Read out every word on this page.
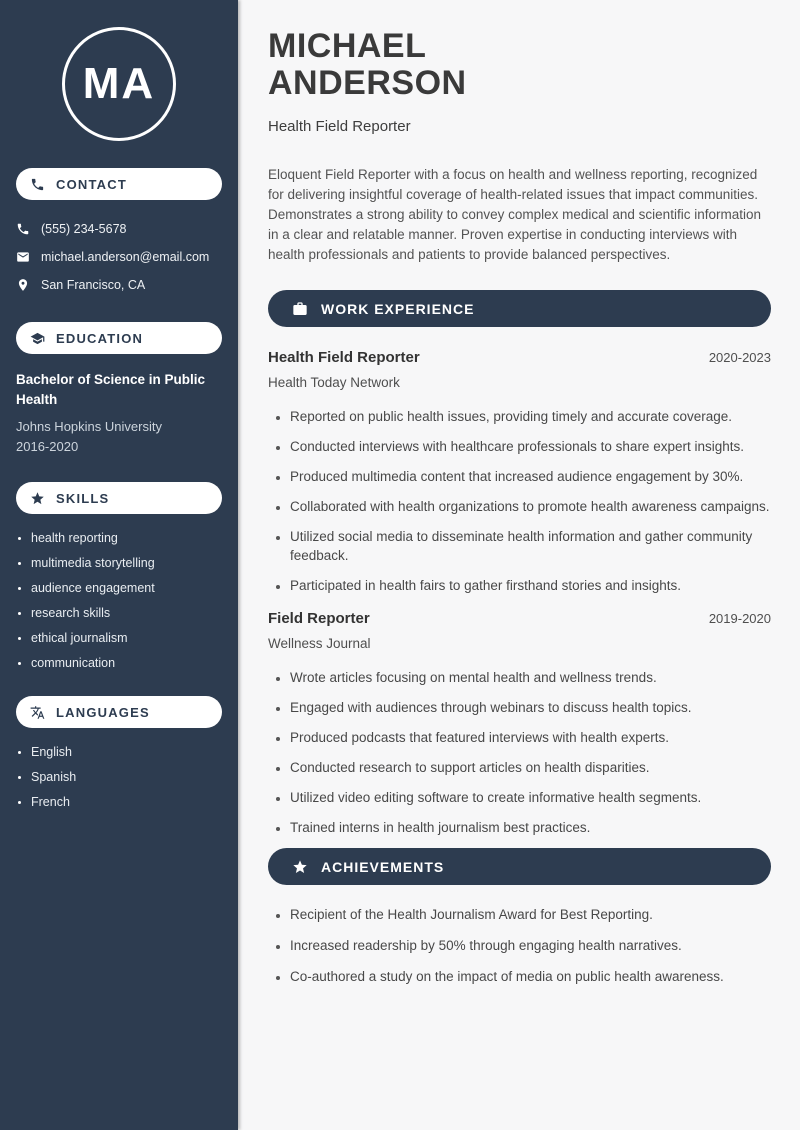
MA
CONTACT
(555) 234-5678
michael.anderson@email.com
San Francisco, CA
EDUCATION
Bachelor of Science in Public Health
Johns Hopkins University
2016-2020
SKILLS
• health reporting
• multimedia storytelling
• audience engagement
• research skills
• ethical journalism
• communication
LANGUAGES
• English
• Spanish
• French
MICHAEL
ANDERSON
Health Field Reporter

Eloquent Field Reporter with a focus on health and wellness reporting, recognized for delivering insightful coverage of health-related issues that impact communities. Demonstrates a strong ability to convey complex medical and scientific information in a clear and relatable manner. Proven expertise in conducting interviews with health professionals and patients to provide balanced perspectives.

WORK EXPERIENCE
Health Field Reporter	2020-2023
Health Today Network
• Reported on public health issues, providing timely and accurate coverage.
• Conducted interviews with healthcare professionals to share expert insights.
• Produced multimedia content that increased audience engagement by 30%.
• Collaborated with health organizations to promote health awareness campaigns.
• Utilized social media to disseminate health information and gather community feedback.
• Participated in health fairs to gather firsthand stories and insights.
Field Reporter	2019-2020
Wellness Journal
• Wrote articles focusing on mental health and wellness trends.
• Engaged with audiences through webinars to discuss health topics.
• Produced podcasts that featured interviews with health experts.
• Conducted research to support articles on health disparities.
• Utilized video editing software to create informative health segments.
• Trained interns in health journalism best practices.
ACHIEVEMENTS
• Recipient of the Health Journalism Award for Best Reporting.
• Increased readership by 50% through engaging health narratives.
• Co-authored a study on the impact of media on public health awareness.
